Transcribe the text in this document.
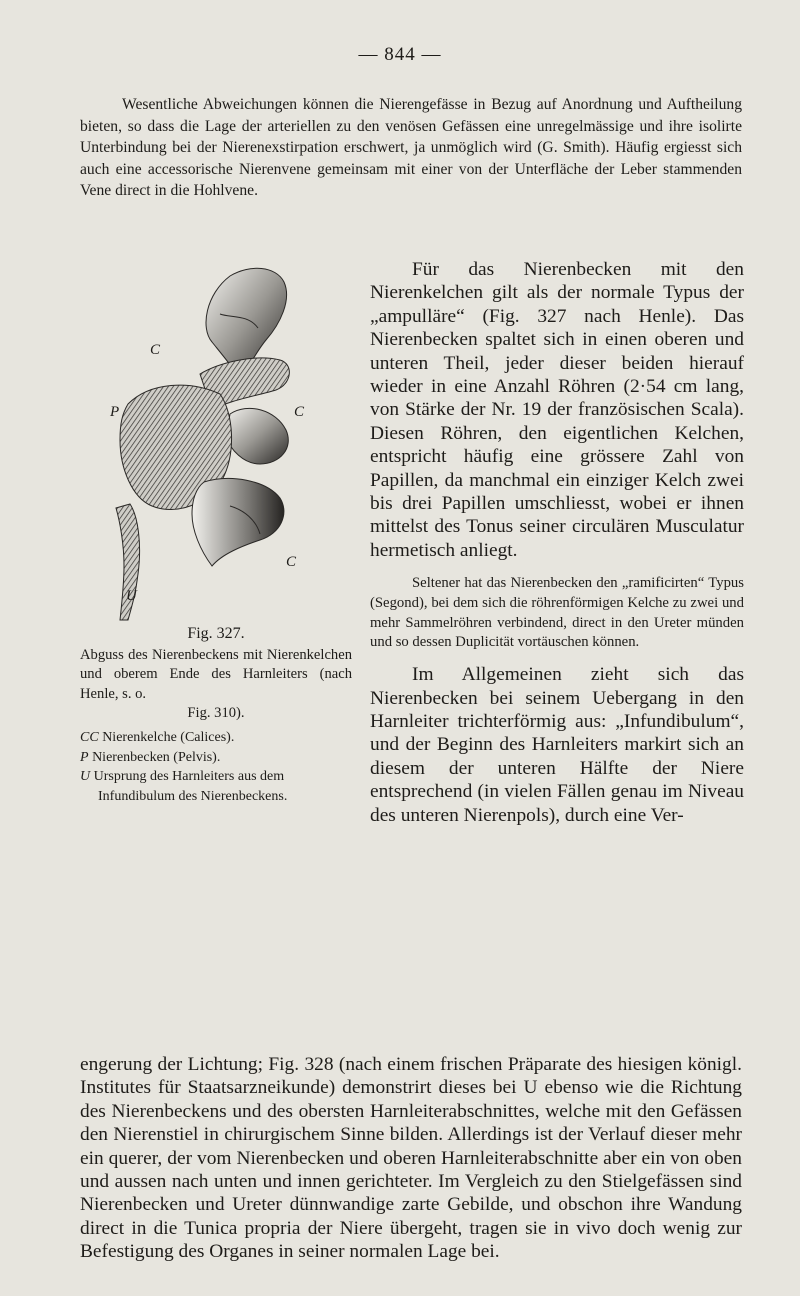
— 844 —

Wesentliche Abweichungen können die Nierengefässe in Bezug auf Anordnung und Auftheilung bieten, so dass die Lage der arteriellen zu den venösen Gefässen eine unregelmässige und ihre isolirte Unterbindung bei der Nierenexstirpation erschwert, ja unmöglich wird (G. Smith). Häufig ergiesst sich auch eine accessorische Nierenvene gemeinsam mit einer von der Unterfläche der Leber stammenden Vene direct in die Hohlvene.

C
C
P
C
U

Fig. 327.

Abguss des Nierenbeckens mit Nierenkelchen und oberem Ende des Harnleiters (nach Henle, s. o.

Fig. 310).

CC Nierenkelche (Calices).

P Nierenbecken (Pelvis).

U Ursprung des Harnleiters aus dem Infundibulum des Nierenbeckens.

Für das Nierenbecken mit den Nierenkelchen gilt als der normale Typus der „ampulläre“ (Fig. 327 nach Henle). Das Nierenbecken spaltet sich in einen oberen und unteren Theil, jeder dieser beiden hierauf wieder in eine Anzahl Röhren (2·54 cm lang, von Stärke der Nr. 19 der französischen Scala). Diesen Röhren, den eigentlichen Kelchen, entspricht häufig eine grössere Zahl von Papillen, da manchmal ein einziger Kelch zwei bis drei Papillen umschliesst, wobei er ihnen mittelst des Tonus seiner circulären Musculatur hermetisch anliegt.

Seltener hat das Nierenbecken den „ramificirten“ Typus (Segond), bei dem sich die röhrenförmigen Kelche zu zwei und mehr Sammelröhren verbindend, direct in den Ureter münden und so dessen Duplicität vortäuschen können.

Im Allgemeinen zieht sich das Nierenbecken bei seinem Uebergang in den Harnleiter trichterförmig aus: „Infundibulum“, und der Beginn des Harnleiters markirt sich an diesem der unteren Hälfte der Niere entsprechend (in vielen Fällen genau im Niveau des unteren Nierenpols), durch eine Ver-

engerung der Lichtung; Fig. 328 (nach einem frischen Präparate des hiesigen königl. Institutes für Staatsarzneikunde) demonstrirt dieses bei U ebenso wie die Richtung des Nierenbeckens und des obersten Harnleiterabschnittes, welche mit den Gefässen den Nierenstiel in chirurgischem Sinne bilden. Allerdings ist der Verlauf dieser mehr ein querer, der vom Nierenbecken und oberen Harnleiterabschnitte aber ein von oben und aussen nach unten und innen gerichteter. Im Vergleich zu den Stielgefässen sind Nierenbecken und Ureter dünnwandige zarte Gebilde, und obschon ihre Wandung direct in die Tunica propria der Niere übergeht, tragen sie in vivo doch wenig zur Befestigung des Organes in seiner normalen Lage bei.
